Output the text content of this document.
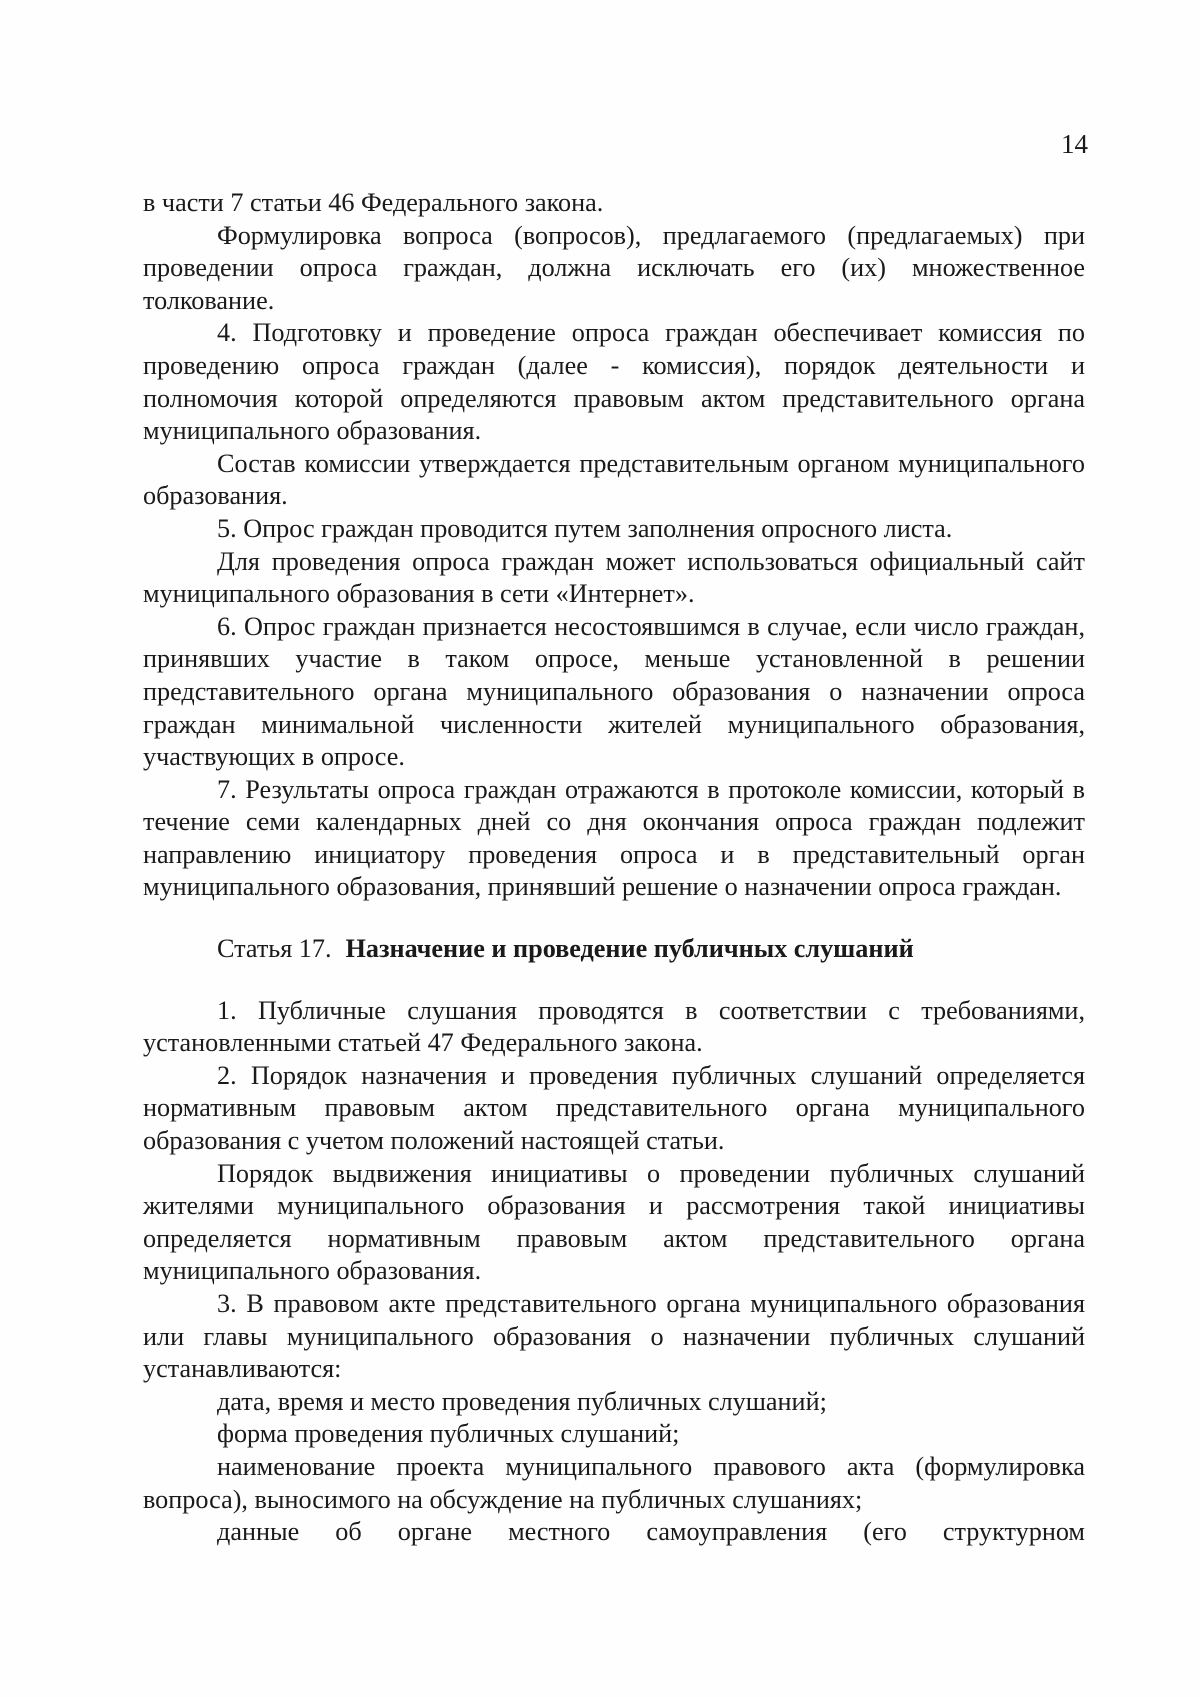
14

в части 7 статьи 46 Федерального закона.

Формулировка вопроса (вопросов), предлагаемого (предлагаемых) при проведении опроса граждан, должна исключать его (их) множественное толкование.

4. Подготовку и проведение опроса граждан обеспечивает комиссия по проведению опроса граждан (далее - комиссия), порядок деятельности и полномочия которой определяются правовым актом представительного органа муниципального образования.

Состав комиссии утверждается представительным органом муниципального образования.

5. Опрос граждан проводится путем заполнения опросного листа.

Для проведения опроса граждан может использоваться официальный сайт муниципального образования в сети «Интернет».

6. Опрос граждан признается несостоявшимся в случае, если число граждан, принявших участие в таком опросе, меньше установленной в решении представительного органа муниципального образования о назначении опроса граждан минимальной численности жителей муниципального образования, участвующих в опросе.

7. Результаты опроса граждан отражаются в протоколе комиссии, который в течение семи календарных дней со дня окончания опроса граждан подлежит направлению инициатору проведения опроса и в представительный орган муниципального образования, принявший решение о назначении опроса граждан.

Статья 17. Назначение и проведение публичных слушаний

1. Публичные слушания проводятся в соответствии с требованиями, установленными статьей 47 Федерального закона.

2. Порядок назначения и проведения публичных слушаний определяется нормативным правовым актом представительного органа муниципального образования с учетом положений настоящей статьи.

Порядок выдвижения инициативы о проведении публичных слушаний жителями муниципального образования и рассмотрения такой инициативы определяется нормативным правовым актом представительного органа муниципального образования.

3. В правовом акте представительного органа муниципального образования или главы муниципального образования о назначении публичных слушаний устанавливаются:

дата, время и место проведения публичных слушаний;

форма проведения публичных слушаний;

наименование проекта муниципального правового акта (формулировка вопроса), выносимого на обсуждение на публичных слушаниях;

данные об органе местного самоуправления (его структурном
